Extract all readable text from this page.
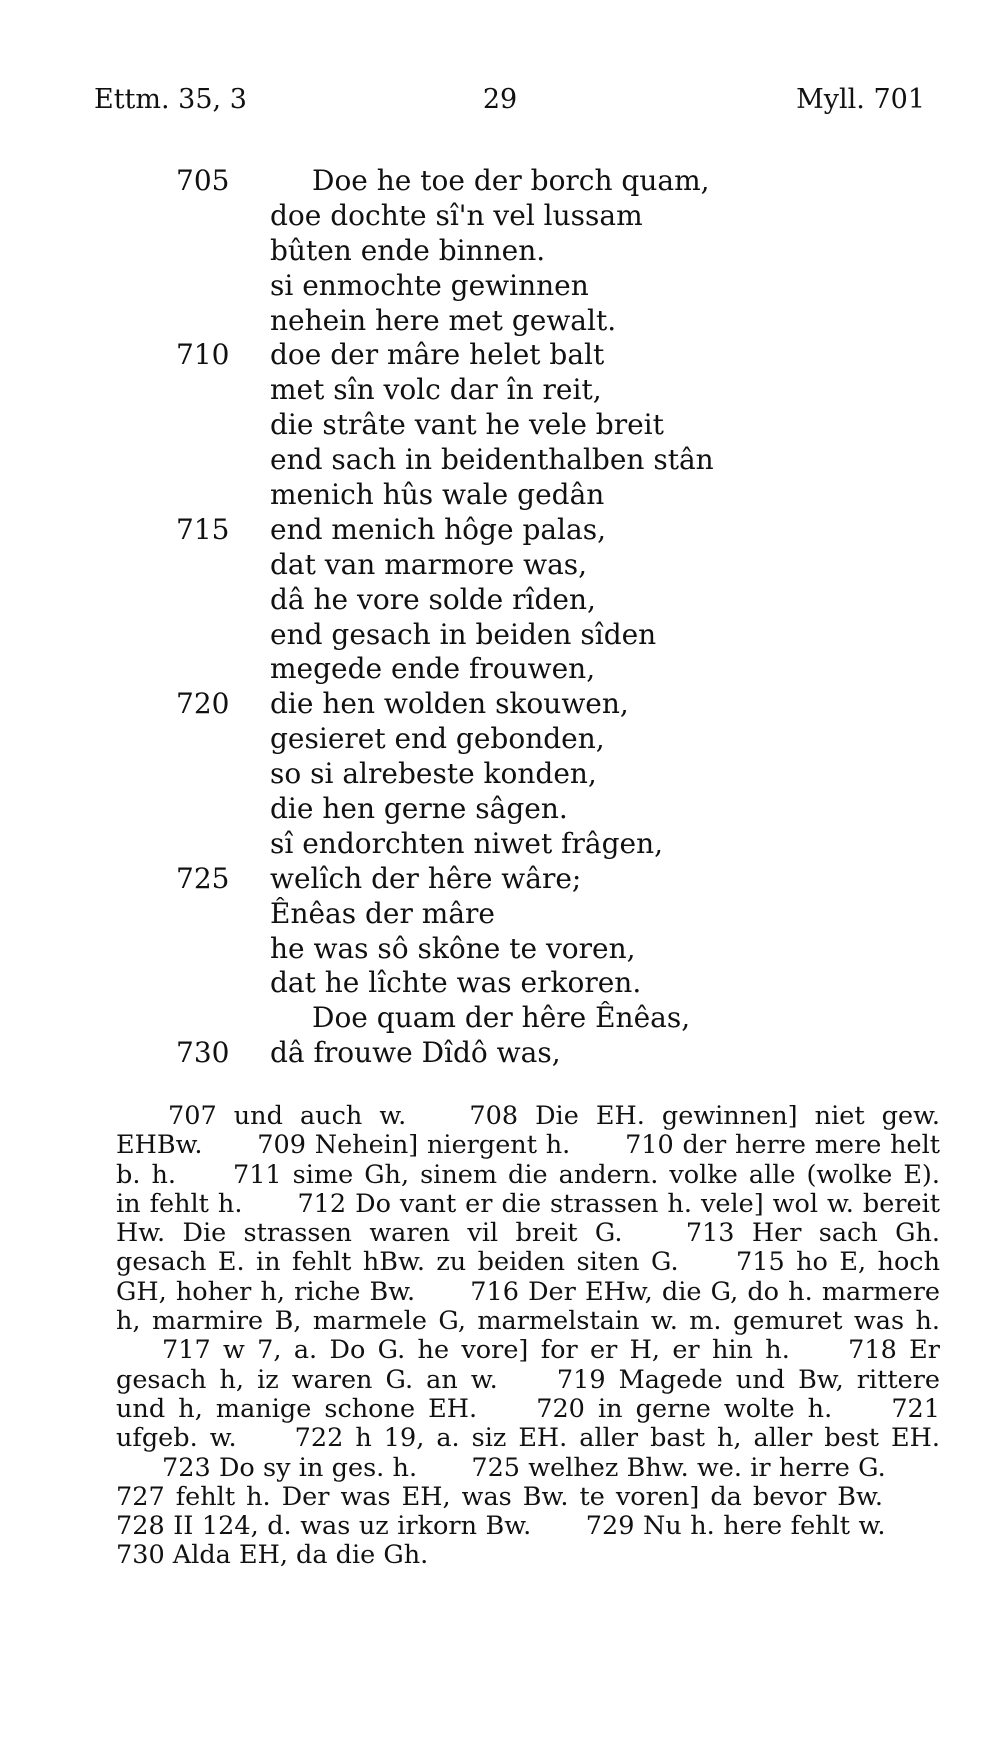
Ettm. 35, 3	29	Myll. 701
705	Doe he toe der borch quam,
doe dochte sî'n vel lussam
bûten ende binnen.
si enmochte gewinnen
nehein here met gewalt.
710 doe der mâre helet balt
met sîn volc dar în reit,
die strâte vant he vele breit
end sach in beidenthalben stân
menich hûs wale gedân
715 end menich hôge palas,
dat van marmore was,
dâ he vore solde rîden,
end gesach in beiden sîden
megede ende frouwen,
720 die hen wolden skouwen,
gesieret end gebonden,
so si alrebeste konden,
die hen gerne sâgen.
sî endorchten niwet frâgen,
725 welîch der hêre wâre;
Ênêas der mâre
he was sô skône te voren,
dat he lîchte was erkoren.
Doe quam der hêre Ênêas,
730 dâ frouwe Dîdô was,
707 und auch w. 708 Die EH. gewinnen] niet gew. EHBw. 709 Nehein] niergent h. 710 der herre mere helt b. h. 711 sime Gh, sinem die andern. volke alle (wolke E). in fehlt h. 712 Do vant er die strassen h. vele] wol w. bereit Hw. Die strassen waren vil breit G. 713 Her sach Gh. gesach E. in fehlt hBw. zu beiden siten G. 715 ho E, hoch GH, hoher h, riche Bw. 716 Der EHw, die G, do h. marmere h, marmire B, marmele G, marmelstain w. m. gemuret was h. 717 w 7, a. Do G. he vore] for er H, er hin h. 718 Er gesach h, iz waren G. an w. 719 Magede und Bw, rittere und h, manige schone EH. 720 in gerne wolte h. 721 ufgeb. w. 722 h 19, a. siz EH. aller bast h, aller best EH. 723 Do sy in ges. h. 725 welhez Bhw. we. ir herre G. 727 fehlt h. Der was EH, was Bw. te voren] da bevor Bw. 728 II 124, d. was uz irkorn Bw. 729 Nu h. here fehlt w. 730 Alda EH, da die Gh.
